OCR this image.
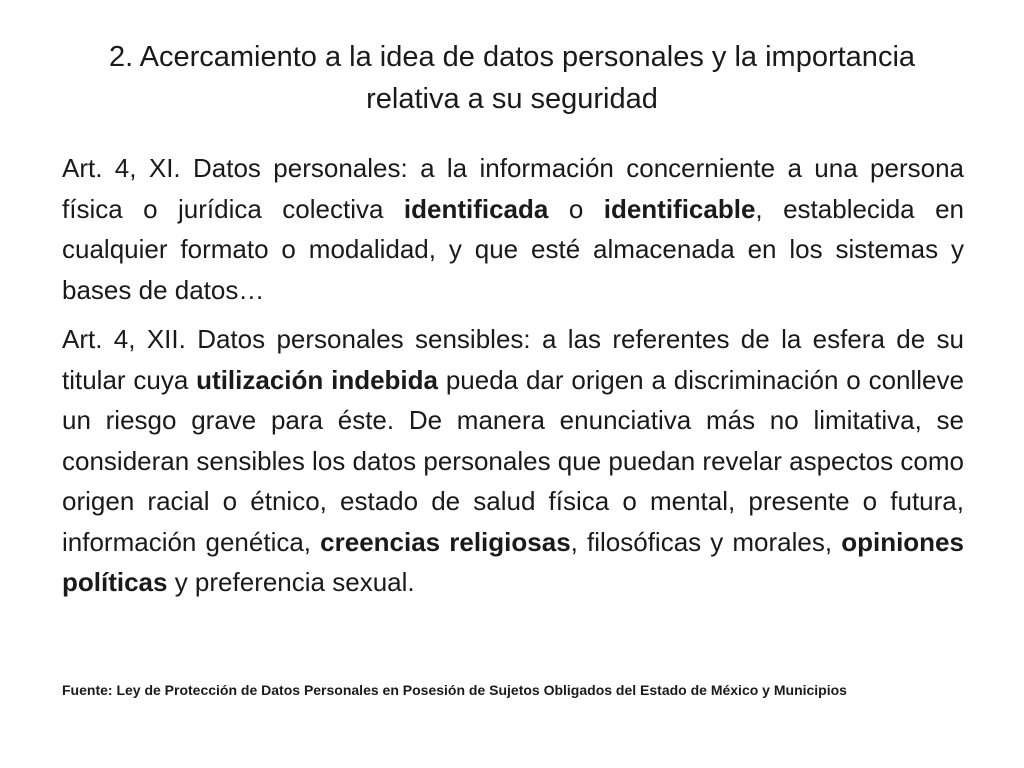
2. Acercamiento a la idea de datos personales y la importancia relativa a su seguridad

Art. 4, XI. Datos personales: a la información concerniente a una persona física o jurídica colectiva identificada o identificable, establecida en cualquier formato o modalidad, y que esté almacenada en los sistemas y bases de datos…

Art. 4, XII. Datos personales sensibles: a las referentes de la esfera de su titular cuya utilización indebida pueda dar origen a discriminación o conlleve un riesgo grave para éste. De manera enunciativa más no limitativa, se consideran sensibles los datos personales que puedan revelar aspectos como origen racial o étnico, estado de salud física o mental, presente o futura, información genética, creencias religiosas, filosóficas y morales, opiniones políticas y preferencia sexual.

Fuente: Ley de Protección de Datos Personales en Posesión de Sujetos Obligados del Estado de México y Municipios
